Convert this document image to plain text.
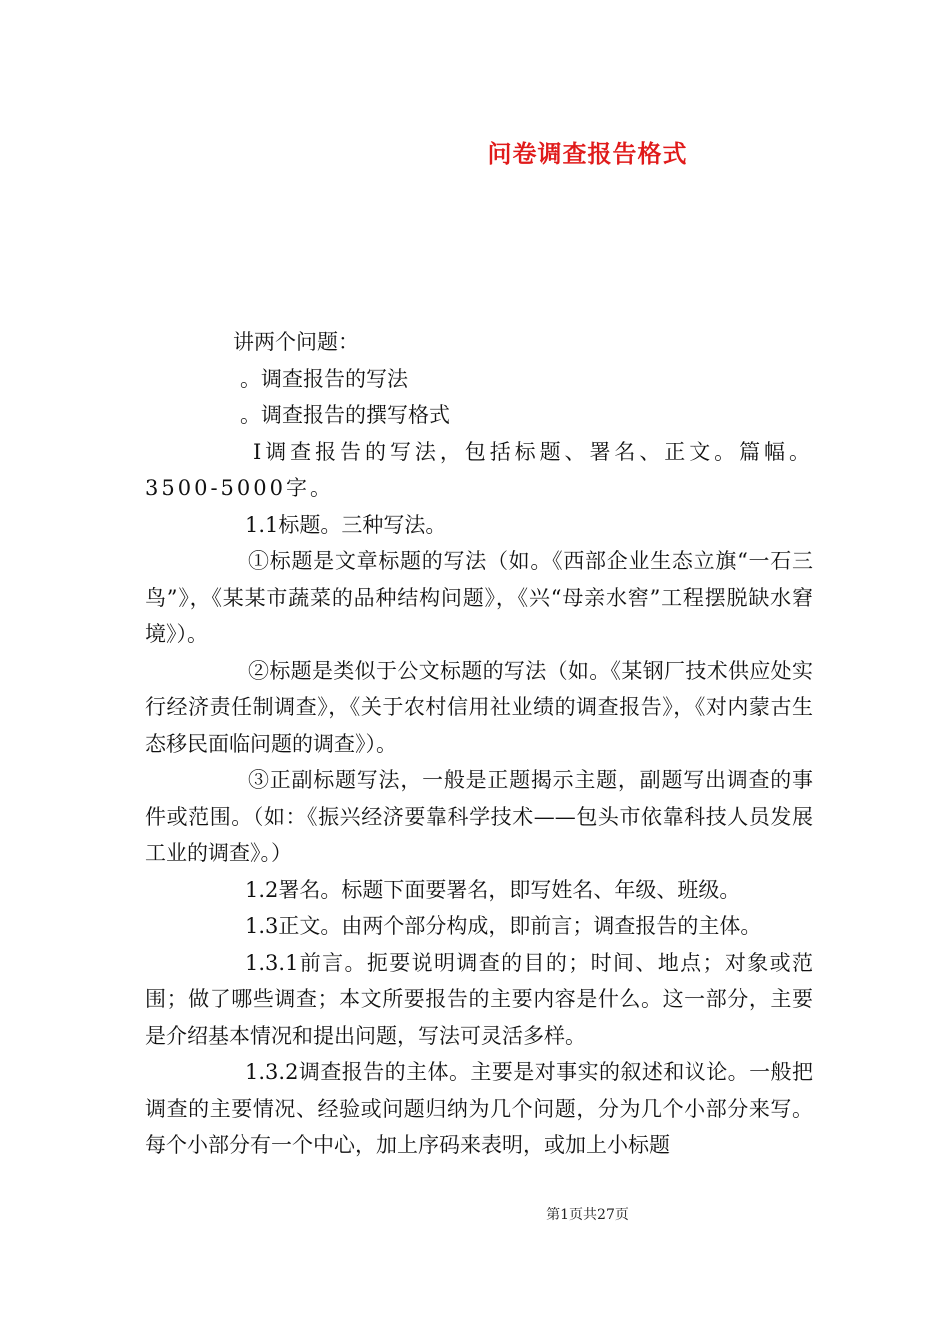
问卷调查报告格式

讲两个问题：

。调查报告的写法

。调查报告的撰写格式

Ⅰ调查报告的写法，包括标题、署名、正文。篇幅。3500-5000字。

1.1标题。三种写法。

①标题是文章标题的写法（如。《西部企业生态立旗“一石三鸟”》，《某某市蔬菜的品种结构问题》，《兴“母亲水窖”工程摆脱缺水窘境》）。

②标题是类似于公文标题的写法（如。《某钢厂技术供应处实行经济责任制调查》，《关于农村信用社业绩的调查报告》，《对内蒙古生态移民面临问题的调查》）。

③正副标题写法，一般是正题揭示主题，副题写出调查的事件或范围。（如：《振兴经济要靠科学技术——包头市依靠科技人员发展工业的调查》。）

1.2署名。标题下面要署名，即写姓名、年级、班级。

1.3正文。由两个部分构成，即前言；调查报告的主体。

1.3.1前言。扼要说明调查的目的；时间、地点；对象或范围；做了哪些调查；本文所要报告的主要内容是什么。这一部分，主要是介绍基本情况和提出问题，写法可灵活多样。

1.3.2调查报告的主体。主要是对事实的叙述和议论。一般把调查的主要情况、经验或问题归纳为几个问题，分为几个小部分来写。每个小部分有一个中心，加上序码来表明，或加上小标题

第1页共27页
